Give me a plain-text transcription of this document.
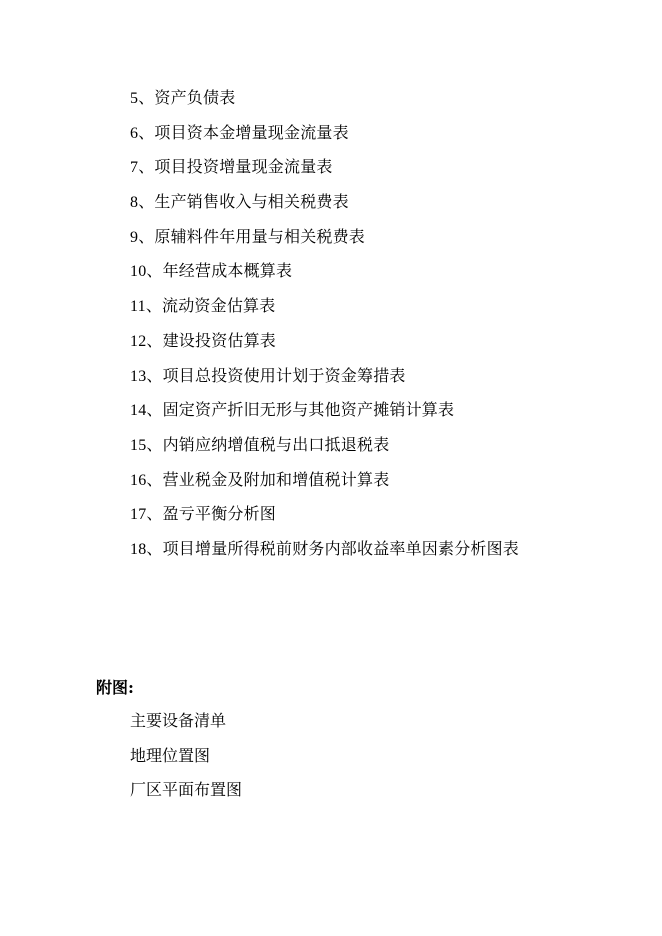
5、资产负债表
6、项目资本金增量现金流量表
7、项目投资增量现金流量表
8、生产销售收入与相关税费表
9、原辅料件年用量与相关税费表
10、年经营成本概算表
11、流动资金估算表
12、建设投资估算表
13、项目总投资使用计划于资金筹措表
14、固定资产折旧无形与其他资产摊销计算表
15、内销应纳增值税与出口抵退税表
16、营业税金及附加和增值税计算表
17、盈亏平衡分析图
18、项目增量所得税前财务内部收益率单因素分析图表
附图:
主要设备清单
地理位置图
厂区平面布置图
